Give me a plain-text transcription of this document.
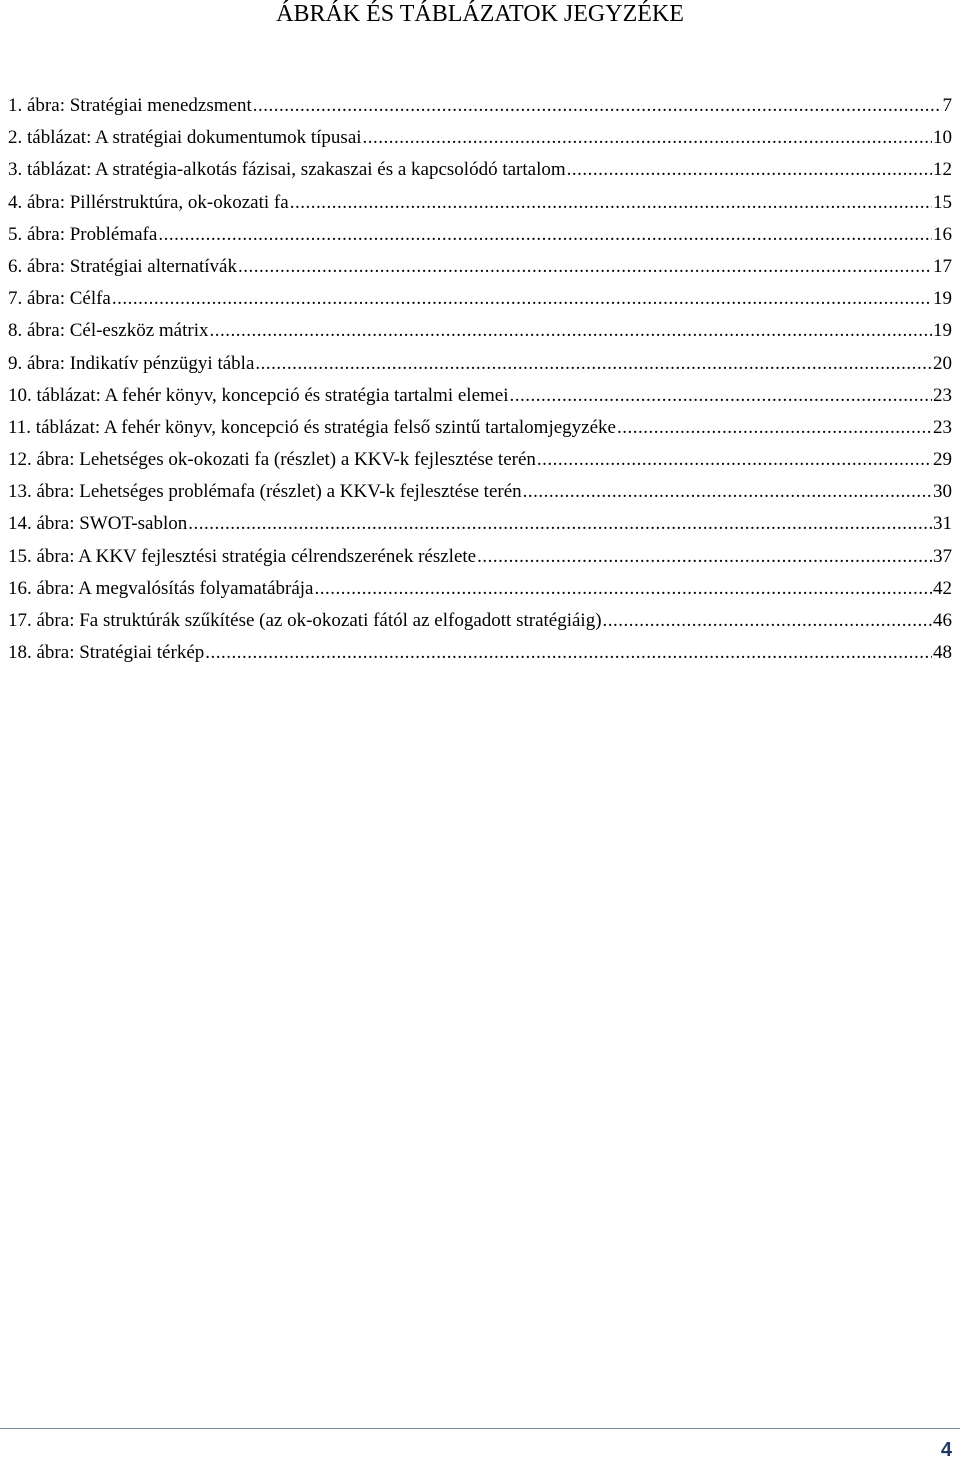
ÁBRÁK ÉS TÁBLÁZATOK JEGYZÉKE
1. ábra: Stratégiai menedzsment .....	7
2. táblázat: A stratégiai dokumentumok típusai .....	10
3. táblázat: A stratégia-alkotás fázisai, szakaszai és a kapcsolódó tartalom .....	12
4. ábra: Pillérstruktúra, ok-okozati fa .....	15
5. ábra: Problémafa .....	16
6. ábra: Stratégiai alternatívák .....	17
7. ábra: Célfa .....	19
8. ábra: Cél-eszköz mátrix .....	19
9. ábra: Indikatív pénzügyi tábla .....	20
10. táblázat: A fehér könyv, koncepció és stratégia tartalmi elemei .....	23
11. táblázat: A fehér könyv, koncepció és stratégia felső szintű tartalomjegyzéke .....	23
12. ábra: Lehetséges ok-okozati fa (részlet) a KKV-k fejlesztése terén .....	29
13. ábra: Lehetséges problémafa (részlet) a KKV-k fejlesztése terén .....	30
14. ábra: SWOT-sablon .....	31
15. ábra: A KKV fejlesztési stratégia célrendszerének részlete .....	37
16. ábra: A megvalósítás folyamatábrája .....	42
17. ábra: Fa struktúrák szűkítése (az ok-okozati fától az elfogadott stratégiáig) .....	46
18. ábra: Stratégiai térkép .....	48
4
